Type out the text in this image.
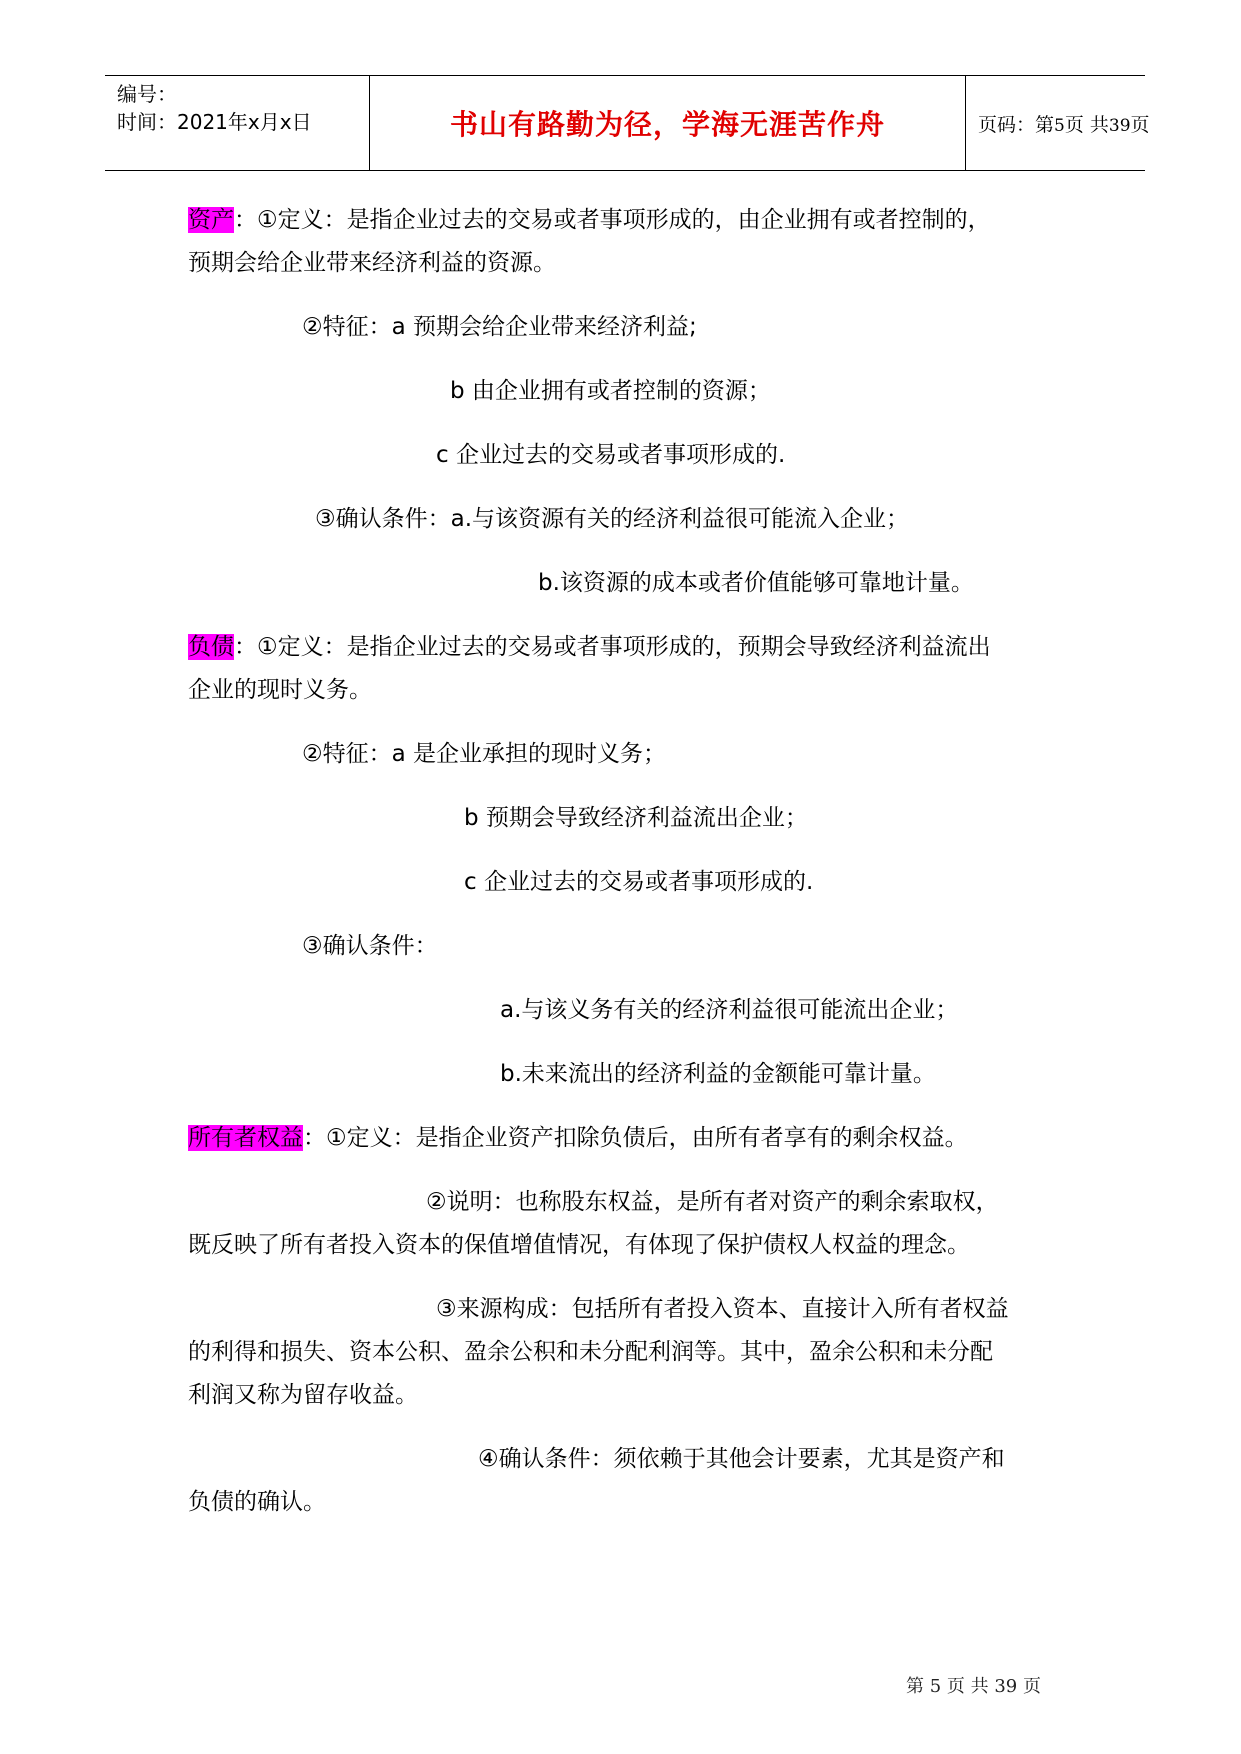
编号：
时间：2021年x月x日	书山有路勤为径，学海无涯苦作舟	页码：第5页 共39页
资产：①定义：是指企业过去的交易或者事项形成的，由企业拥有或者控制的，
预期会给企业带来经济利益的资源。
②特征：a 预期会给企业带来经济利益;
b 由企业拥有或者控制的资源；
c 企业过去的交易或者事项形成的.
③确认条件：a.与该资源有关的经济利益很可能流入企业；
b.该资源的成本或者价值能够可靠地计量。
负债：①定义：是指企业过去的交易或者事项形成的，预期会导致经济利益流出
企业的现时义务。
②特征：a 是企业承担的现时义务；
b 预期会导致经济利益流出企业；
c 企业过去的交易或者事项形成的.
③确认条件：
a.与该义务有关的经济利益很可能流出企业；
b.未来流出的经济利益的金额能可靠计量。
所有者权益：①定义：是指企业资产扣除负债后，由所有者享有的剩余权益。
②说明：也称股东权益，是所有者对资产的剩余索取权，
既反映了所有者投入资本的保值增值情况，有体现了保护债权人权益的理念。
③来源构成：包括所有者投入资本、直接计入所有者权益
的利得和损失、资本公积、盈余公积和未分配利润等。其中，盈余公积和未分配
利润又称为留存收益。
④确认条件：须依赖于其他会计要素，尤其是资产和
负债的确认。
第 5 页 共 39 页
